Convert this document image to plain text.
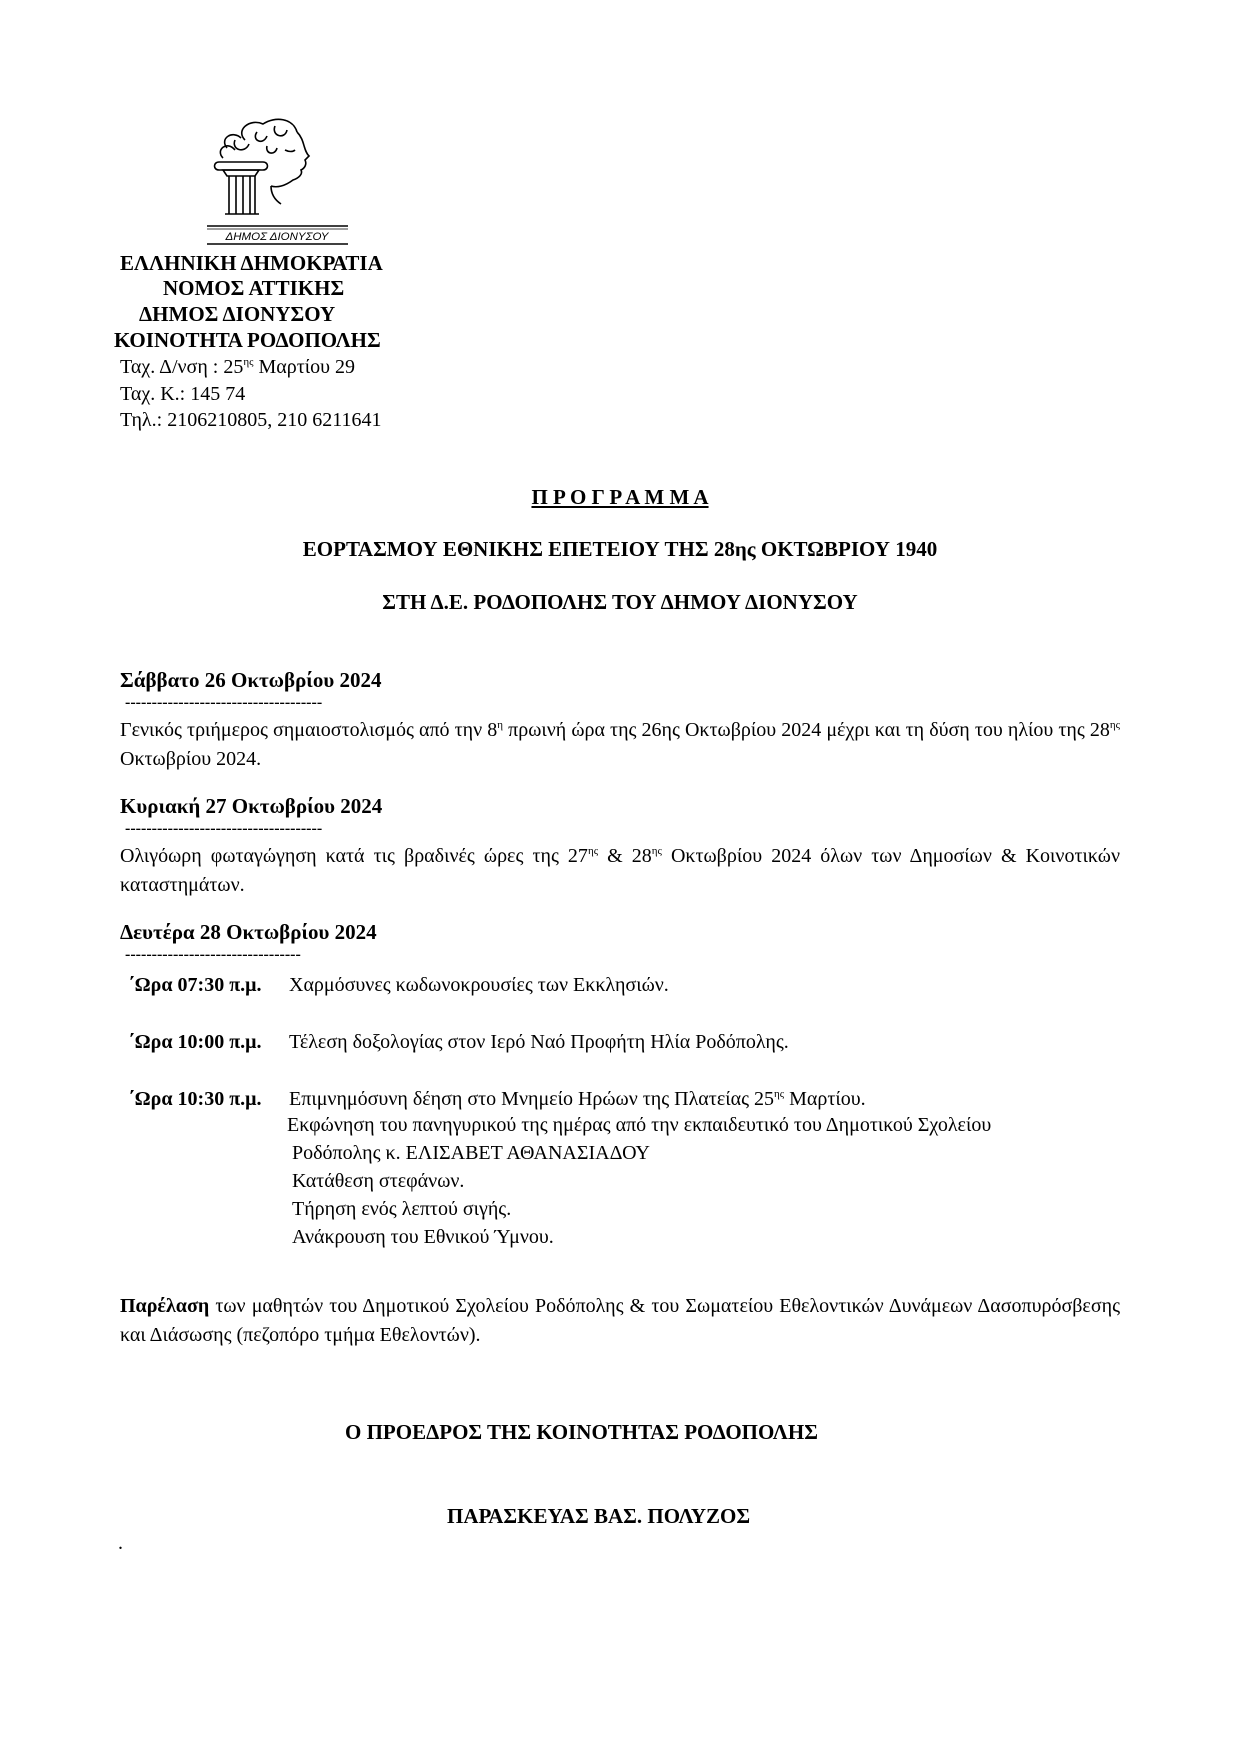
ΔΗΜΟΣ ΔΙΟΝΥΣΟΥ
ΕΛΛΗΝΙΚΗ ΔΗΜΟΚΡΑΤΙΑ
ΝΟΜΟΣ ΑΤΤΙΚΗΣ
ΔΗΜΟΣ ΔΙΟΝΥΣΟΥ
ΚΟΙΝΟΤΗΤΑ ΡΟΔΟΠΟΛΗΣ
Ταχ. Δ/νση : $25^{\eta\varsigma}$ Μαρτίου 29
Ταχ. Κ.: 145 74
Τηλ.: 2106210805, 210 6211641
Π Ρ Ο Γ Ρ Α Μ Μ Α
ΕΟΡΤΑΣΜΟΥ ΕΘΝΙΚΗΣ ΕΠΕΤΕΙΟΥ ΤΗΣ 28ης ΟΚΤΩΒΡΙΟΥ 1940
ΣΤΗ Δ.Ε. ΡΟΔΟΠΟΛΗΣ ΤΟΥ ΔΗΜΟΥ ΔΙΟΝΥΣΟΥ
Σάββατο 26 Οκτωβρίου 2024
-------------------------------------
Γενικός τριήμερος σημαιοστολισμός από την $8^\eta$ πρωινή ώρα της 26ης Οκτωβρίου 2024 μέχρι και τη δύση του ηλίου της $28^{\eta\varsigma}$ Οκτωβρίου 2024.
Κυριακή 27 Οκτωβρίου 2024
-------------------------------------
Ολιγόωρη φωταγώγηση κατά τις βραδινές ώρες της $27^{\eta\varsigma}$ & $28^{\eta\varsigma}$ Οκτωβρίου 2024 όλων των Δημοσίων & Κοινοτικών καταστημάτων.
Δευτέρα 28 Οκτωβρίου 2024
---------------------------------
΄Ωρα 07:30 π.μ. Χαρμόσυνες κωδωνοκρουσίες των Εκκλησιών.
΄Ωρα 10:00 π.μ. Τέλεση δοξολογίας στον Ιερό Ναό Προφήτη Ηλία Ροδόπολης.
΄Ωρα 10:30 π.μ. Επιμνημόσυνη δέηση στο Μνημείο Ηρώων της Πλατείας $25^{\eta\varsigma}$ Μαρτίου.
Εκφώνηση του πανηγυρικού της ημέρας από την εκπαιδευτικό του Δημοτικού Σχολείου
Ροδόπολης κ. ΕΛΙΣΑΒΕΤ ΑΘΑΝΑΣΙΑΔΟΥ
Κατάθεση στεφάνων.
Τήρηση ενός λεπτού σιγής.
Ανάκρουση του Εθνικού Ύμνου.
Παρέλαση των μαθητών του Δημοτικού Σχολείου Ροδόπολης & του Σωματείου Εθελοντικών Δυνάμεων Δασοπυρόσβεσης και Διάσωσης (πεζοπόρο τμήμα Εθελοντών).
Ο ΠΡΟΕΔΡΟΣ ΤΗΣ ΚΟΙΝΟΤΗΤΑΣ ΡΟΔΟΠΟΛΗΣ
ΠΑΡΑΣΚΕΥΑΣ ΒΑΣ. ΠΟΛΥΖΟΣ
.
